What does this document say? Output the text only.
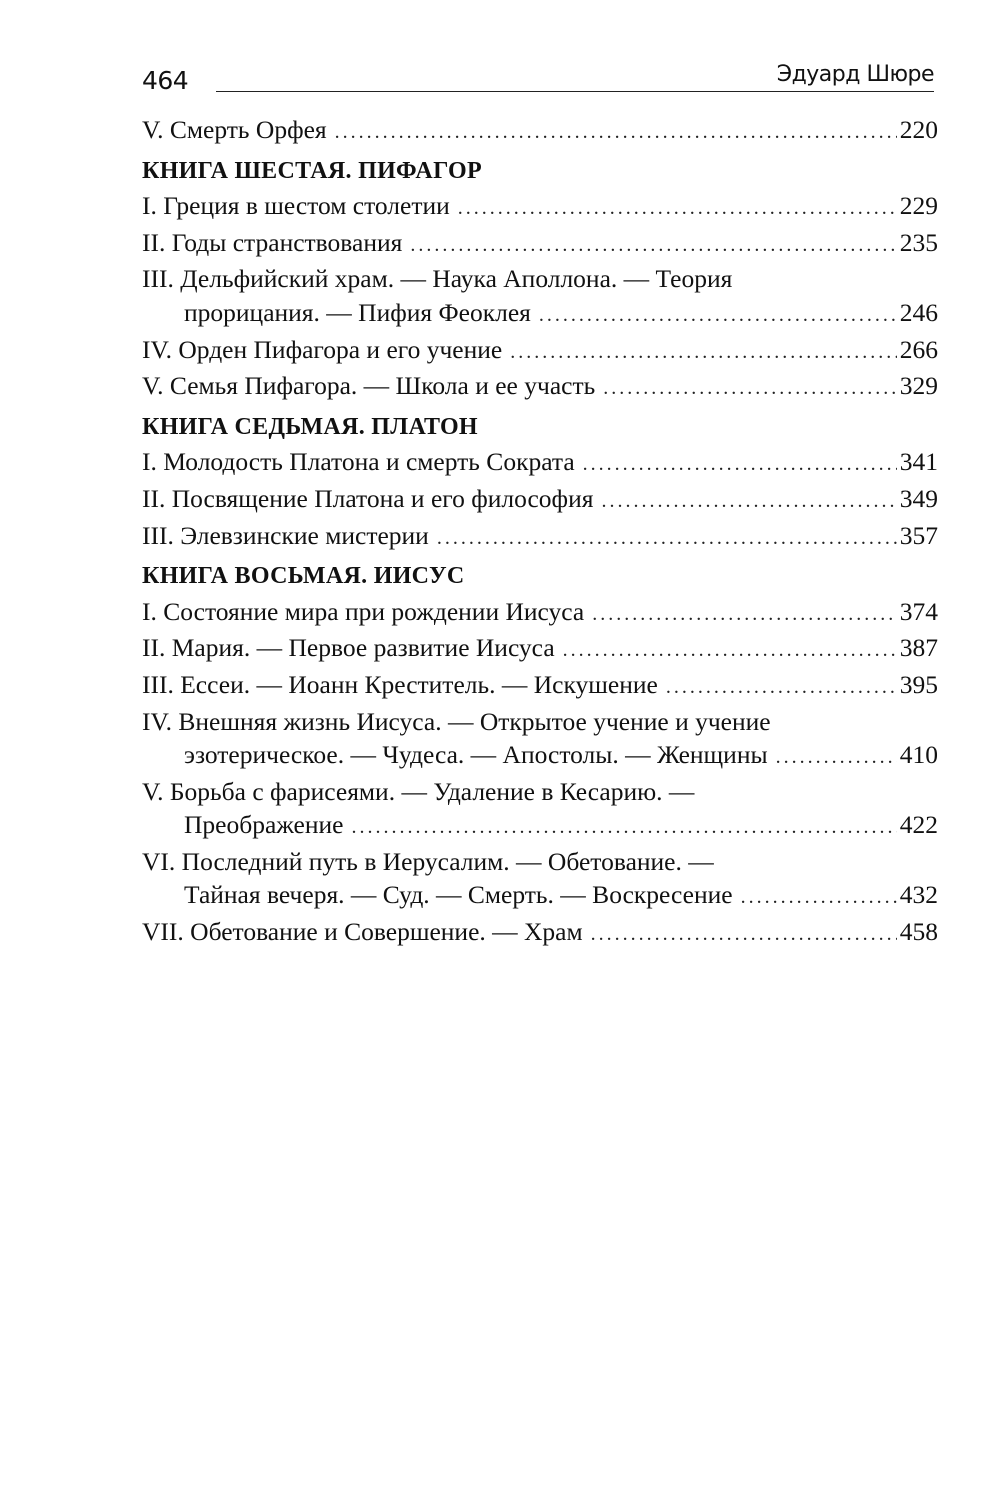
464	Эдуард Шюре
V. Смерть Орфея .....	220
КНИГА ШЕСТАЯ. ПИФАГОР
I. Греция в шестом столетии .....	229
II. Годы странствования .....	235
III. Дельфийский храм. — Наука Аполлона. — Теория
прорицания. — Пифия Феоклея .....	246
IV. Орден Пифагора и его учение .....	266
V. Семья Пифагора. — Школа и ее участь .....	329
КНИГА СЕДЬМАЯ. ПЛАТОН
I. Молодость Платона и смерть Сократа .....	341
II. Посвящение Платона и его философия .....	349
III. Элевзинские мистерии .....	357
КНИГА ВОСЬМАЯ. ИИСУС
I. Состояние мира при рождении Иисуса .....	374
II. Мария. — Первое развитие Иисуса .....	387
III. Ессеи. — Иоанн Креститель. — Искушение .....	395
IV. Внешняя жизнь Иисуса. — Открытое учение и учение
эзотерическое. — Чудеса. — Апостолы. — Женщины .....	410
V. Борьба с фарисеями. — Удаление в Кесарию. —
Преображение .....	422
VI. Последний путь в Иерусалим. — Обетование. —
Тайная вечеря. — Суд. — Смерть. — Воскресение .....	432
VII. Обетование и Совершение. — Храм .....	458
